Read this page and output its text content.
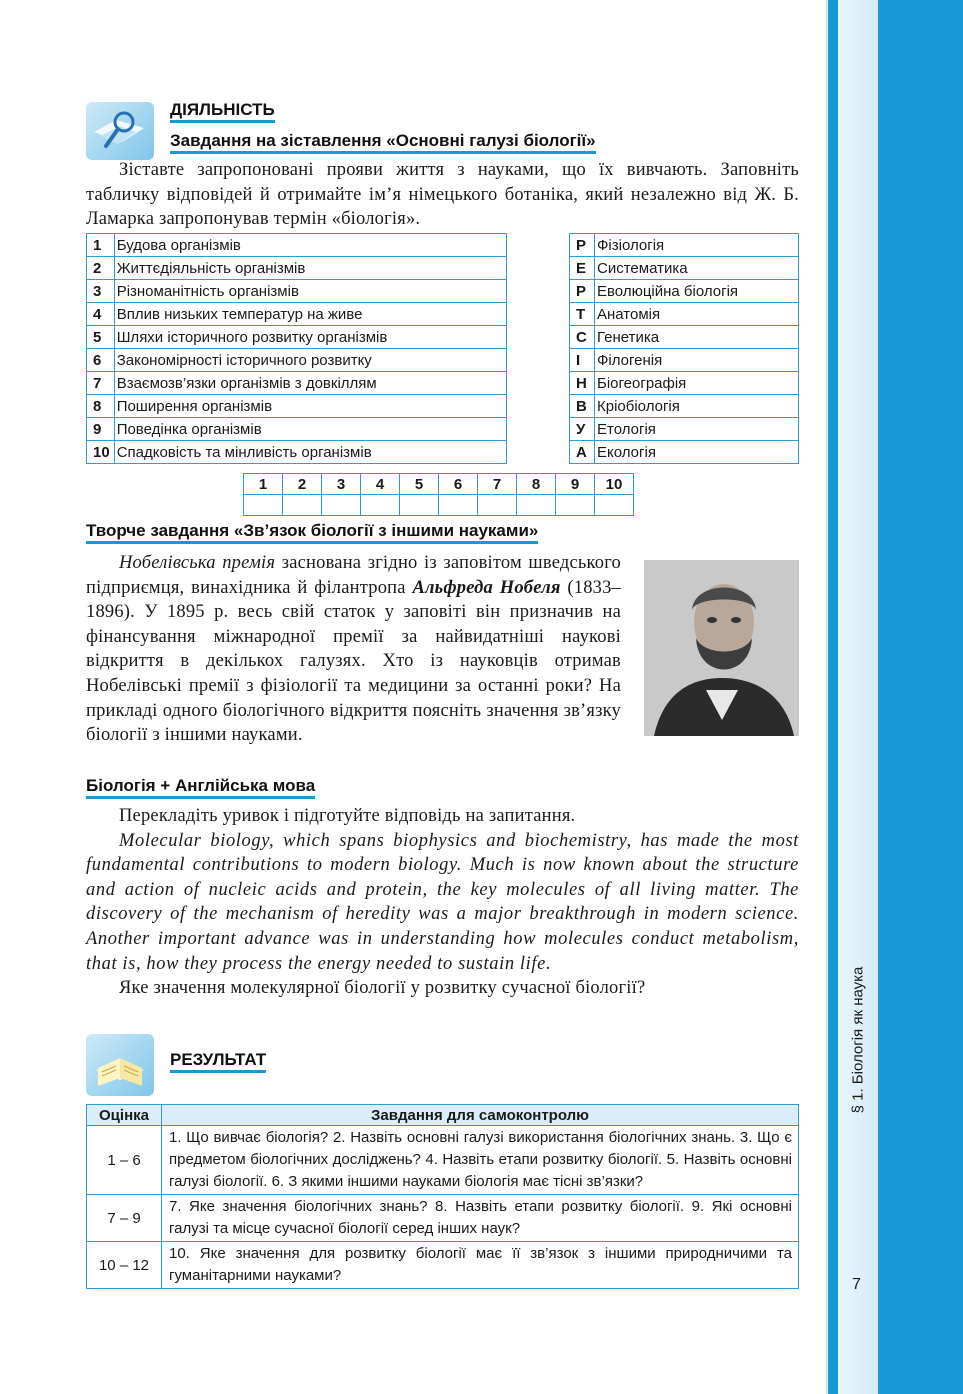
§ 1. Біологія як наука
7
ДІЯЛЬНІСТЬ
Завдання на зіставлення «Основні галузі біології»

Зіставте запропоновані прояви життя з науками, що їх вивчають. Заповніть табличку відповідей й отримайте ім’я німецького ботаніка, який незалежно від Ж. Б. Ламарка запропонував термін «біологія».

1	Будова організмів
2	Життєдіяльність організмів
3	Різноманітність організмів
4	Вплив низьких температур на живе
5	Шляхи історичного розвитку організмів
6	Закономірності історичного розвитку
7	Взаємозв’язки організмів з довкіллям
8	Поширення організмів
9	Поведінка організмів
10	Спадковість та мінливість організмів
Р	Фізіологія
Е	Систематика
Р	Еволюційна біологія
Т	Анатомія
С	Генетика
І	Філогенія
Н	Біогеографія
В	Кріобіологія
У	Етологія
А	Екологія
1	2	3	4	5	6	7	8	9	10

Творче завдання «Зв’язок біології з іншими науками»

Нобелівська премія заснована згідно із заповітом шведського підприємця, винахідника й філантропа Альфреда Нобеля (1833–1896). У 1895 р. весь свій статок у заповіті він призначив на фінансування міжнародної премії за найвидатніші наукові відкриття в декількох галузях. Хто із науковців отримав Нобелівські премії з фізіології та медицини за останні роки? На прикладі одного біологічного відкриття поясніть значення зв’язку біології з іншими науками.

Біологія + Англійська мова

Перекладіть уривок і підготуйте відповідь на запитання.

Molecular biology, which spans biophysics and biochemistry, has made the most fundamental contributions to modern biology. Much is now known about the structure and action of nucleic acids and protein, the key molecules of all living matter. The discovery of the mechanism of heredity was a major breakthrough in modern science. Another important advance was in understanding how molecules conduct metabolism, that is, how they process the energy needed to sustain life.

Яке значення молекулярної біології у розвитку сучасної біології?

РЕЗУЛЬТАТ
Оцінка	Завдання для самоконтролю
1 – 6	1. Що вивчає біологія? 2. Назвіть основні галузі використання біологічних знань. 3. Що є предметом біологічних досліджень? 4. Назвіть етапи розвитку біології. 5. Назвіть основні галузі біології. 6. З якими іншими науками біологія має тісні зв’язки?
7 – 9	7. Яке значення біологічних знань? 8. Назвіть етапи розвитку біології. 9. Які основні галузі та місце сучасної біології серед інших наук?
10 – 12	10. Яке значення для розвитку біології має її зв’язок з іншими природничими та гуманітарними науками?
